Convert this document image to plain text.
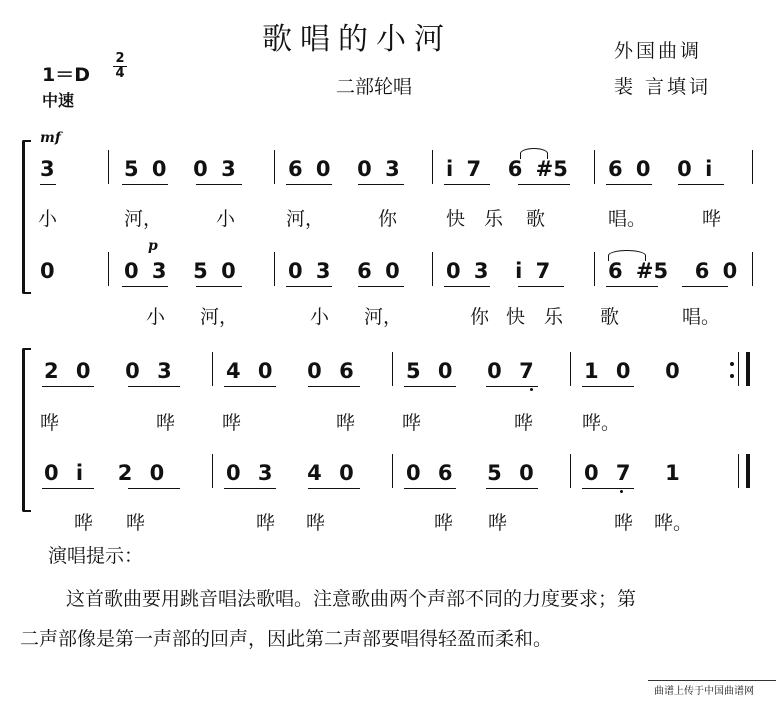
歌唱的小河
二部轮唱
外国曲调
裴 言填词
$1=D \frac{2}{4}$
中速
mf
3	5 0  0 3 6 0  0 3 i 7  6 #5 6 0  0 i
小	河，	小	河，	你	快 乐 歌	唱。	哗
p
0	0 3  5 0 0 3  6 0 0 3  i 7	6 #5  6 0
小 河，	小 河，	你 快 乐 歌	唱。
2 0  0 3	4 0  0 6 5 0  0 7 1 0  0
哗	哗 哗	哗 哗	哗	哗。
0 i  2 0	0 3  4 0 0 6  5 0 0 7  1
哗 哗	哗 哗	哗 哗	哗 哗。
演唱提示：
这首歌曲要用跳音唱法歌唱。注意歌曲两个声部不同的力度要求；第
二声部像是第一声部的回声，因此第二声部要唱得轻盈而柔和。
曲谱上传于中国曲谱网
